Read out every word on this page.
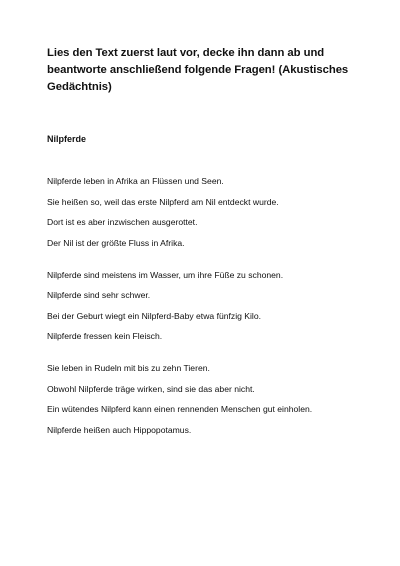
Lies den Text zuerst laut vor, decke ihn dann ab und beantworte anschließend folgende Fragen! (Akustisches Gedächtnis)

Nilpferde

Nilpferde leben in Afrika an Flüssen und Seen.
Sie heißen so, weil das erste Nilpferd am Nil entdeckt wurde.
Dort ist es aber inzwischen ausgerottet.
Der Nil ist der größte Fluss in Afrika.
Nilpferde sind meistens im Wasser, um ihre Füße zu schonen.
Nilpferde sind sehr schwer.
Bei der Geburt wiegt ein Nilpferd-Baby etwa fünfzig Kilo.
Nilpferde fressen kein Fleisch.
Sie leben in Rudeln mit bis zu zehn Tieren.
Obwohl Nilpferde träge wirken, sind sie das aber nicht.
Ein wütendes Nilpferd kann einen rennenden Menschen gut einholen.
Nilpferde heißen auch Hippopotamus.
